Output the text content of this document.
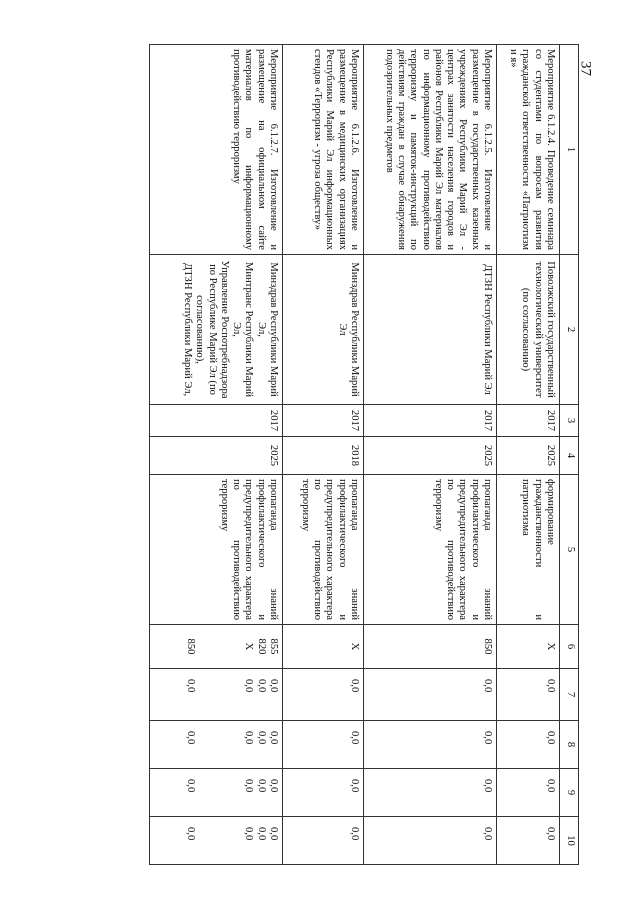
37
1	2	3	4	5	6	7	8	9	10
Мероприятие 6.1.2.4. Проведение семинара со студентами по вопросам развития гражданской ответственности «Патриотизм и я»	Поволжский государственный технологический университет (по согласованию)	2017	2025	формирование гражданственности и патриотизма	X	0,0	0,0	0,0	0,0

Мероприятие 6.1.2.5. Изготовление и размещение в государственных казенных учреждениях Республики Марий Эл - центрах занятости населения городов и районов Республики Марий Эл материалов по информационному противодействию терроризму и памяток-инструкций по действиям граждан в случае обнаружения подозрительных предметов	ДТЗН Республики Марий Эл	2017	2025	пропаганда знаний профилактического и предупредительного характера по противодействию терроризму	850	0,0	0,0	0,0	0,0

Мероприятие 6.1.2.6. Изготовление и размещение в медицинских организациях Республики Марий Эл информационных стендов «Терроризм - угроза обществу»	Минздрав Республики Марий Эл	2017	2018	пропаганда знаний профилактического и предупредительного характера по противодействию терроризму	X	0,0	0,0	0,0	0,0

Мероприятие 6.1.2.7. Изготовление и размещение на официальном сайте материалов по информационному противодействию терроризму	Минздрав Республики Марий Эл,
Минтранс Республики Марий Эл,
Управление Роспотребнадзора по Республике Марий Эл (по согласованию),
ДТЗН Республики Марий Эл,	2017	2025	пропаганда знаний профилактического и предупредительного характера по противодействию терроризму	855
820
X
850	0,0
0,0
0,0
0,0	0,0
0,0
0,0
0,0	0,0
0,0
0,0
0,0	0,0
0,0
0,0
0,0
